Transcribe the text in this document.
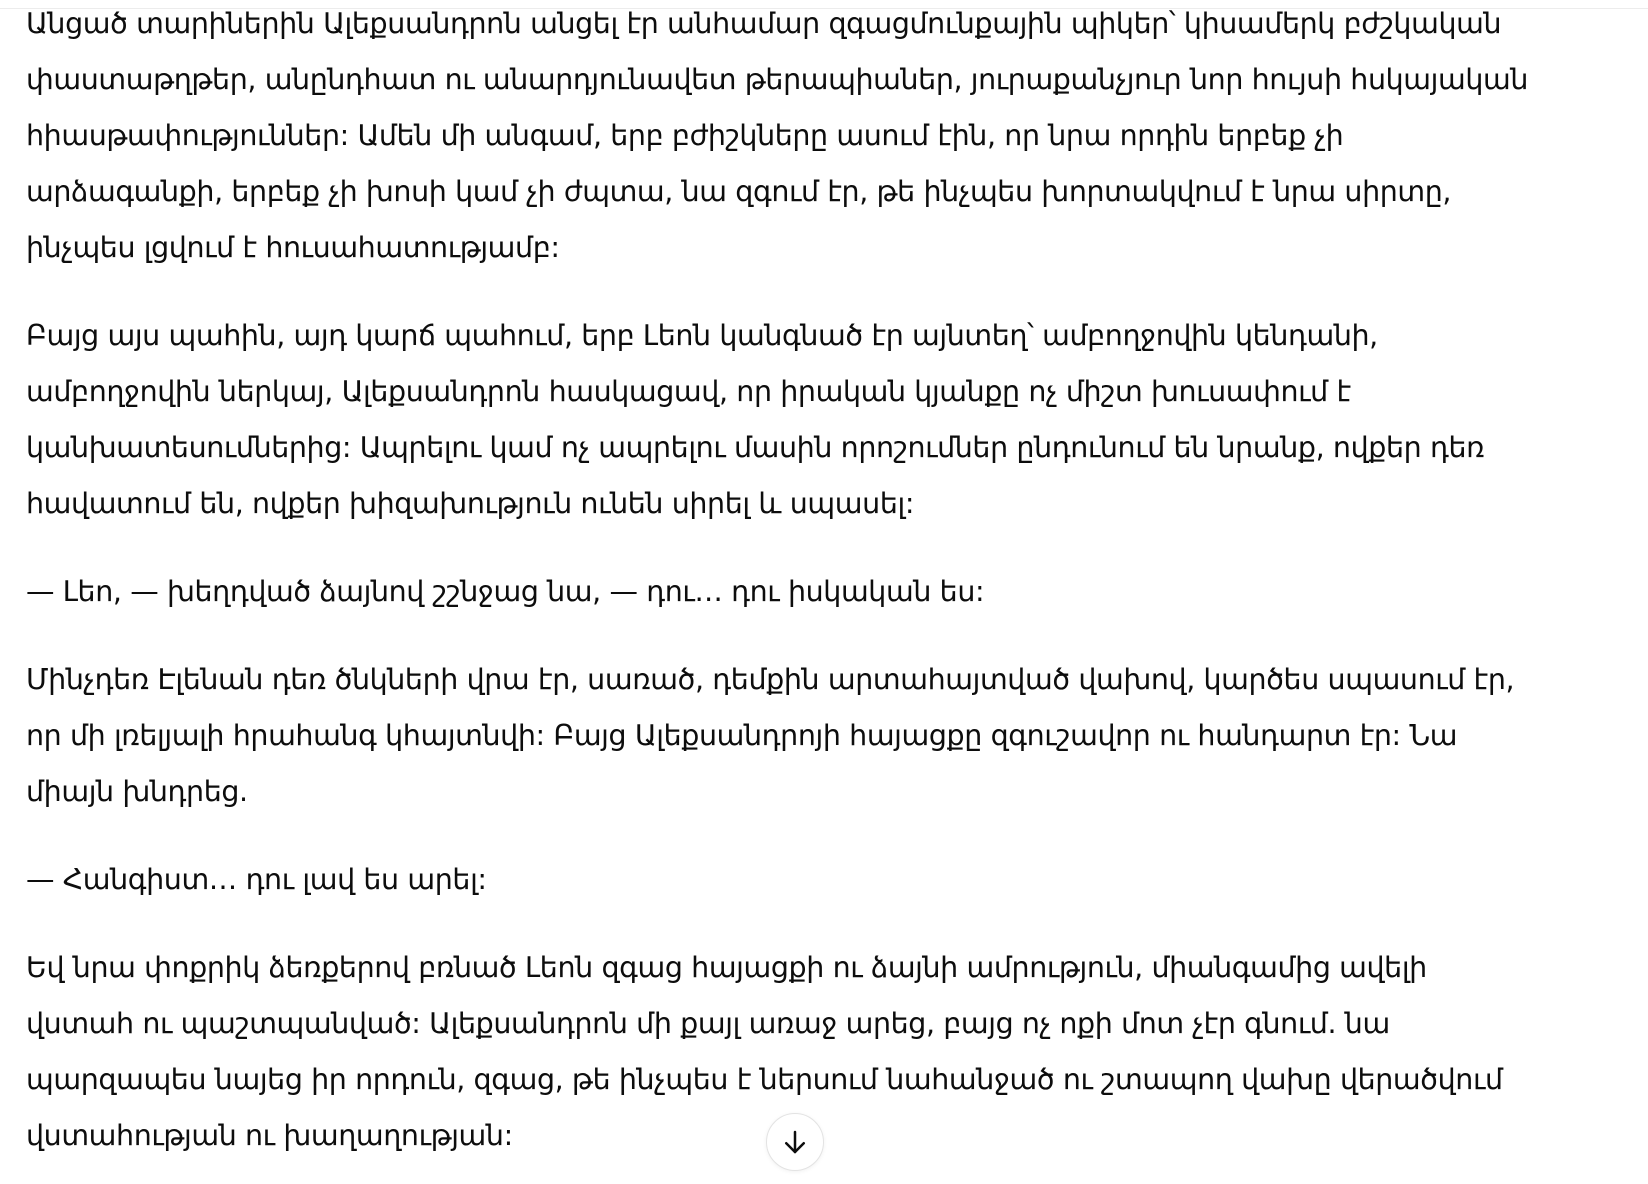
Անցած տարիներին Ալեքսանդրոն անցել էր անհամար զգացմունքային պիկեր՝ կիսամերկ բժշկական
փաստաթղթեր, անընդհատ ու անարդյունավետ թերապիաներ, յուրաքանչյուր նոր հույսի հսկայական
հիասթափություններ: Ամեն մի անգամ, երբ բժիշկները ասում էին, որ նրա որդին երբեք չի
արձագանքի, երբեք չի խոսի կամ չի ժպտա, նա զգում էր, թե ինչպես խորտակվում է նրա սիրտը,
ինչպես լցվում է հուսահատությամբ:

Բայց այս պահին, այդ կարճ պահում, երբ Լեոն կանգնած էր այնտեղ՝ ամբողջովին կենդանի,
ամբողջովին ներկայ, Ալեքսանդրոն հասկացավ, որ իրական կյանքը ոչ միշտ խուսափում է
կանխատեսումներից: Ապրելու կամ ոչ ապրելու մասին որոշումներ ընդունում են նրանք, ովքեր դեռ
հավատում են, ովքեր խիզախություն ունեն սիրել և սպասել:

— Լեո, — խեղդված ձայնով շշնջաց նա, — դու… դու իսկական ես:

Մինչդեռ Էլենան դեռ ծնկների վրա էր, սառած, դեմքին արտահայտված վախով, կարծես սպասում էր,
որ մի լռելյալի հրահանգ կհայտնվի: Բայց Ալեքսանդրոյի հայացքը զգուշավոր ու հանդարտ էր: Նա
միայն խնդրեց.

— Հանգիստ… դու լավ ես արել:

Եվ նրա փոքրիկ ձեռքերով բռնած Լեոն զգաց հայացքի ու ձայնի ամրություն, միանգամից ավելի
վստահ ու պաշտպանված: Ալեքսանդրոն մի քայլ առաջ արեց, բայց ոչ ոքի մոտ չէր գնում. նա
պարզապես նայեց իր որդուն, զգաց, թե ինչպես է ներսում նահանջած ու շտապող վախը վերածվում
վստահության ու խաղաղության:
